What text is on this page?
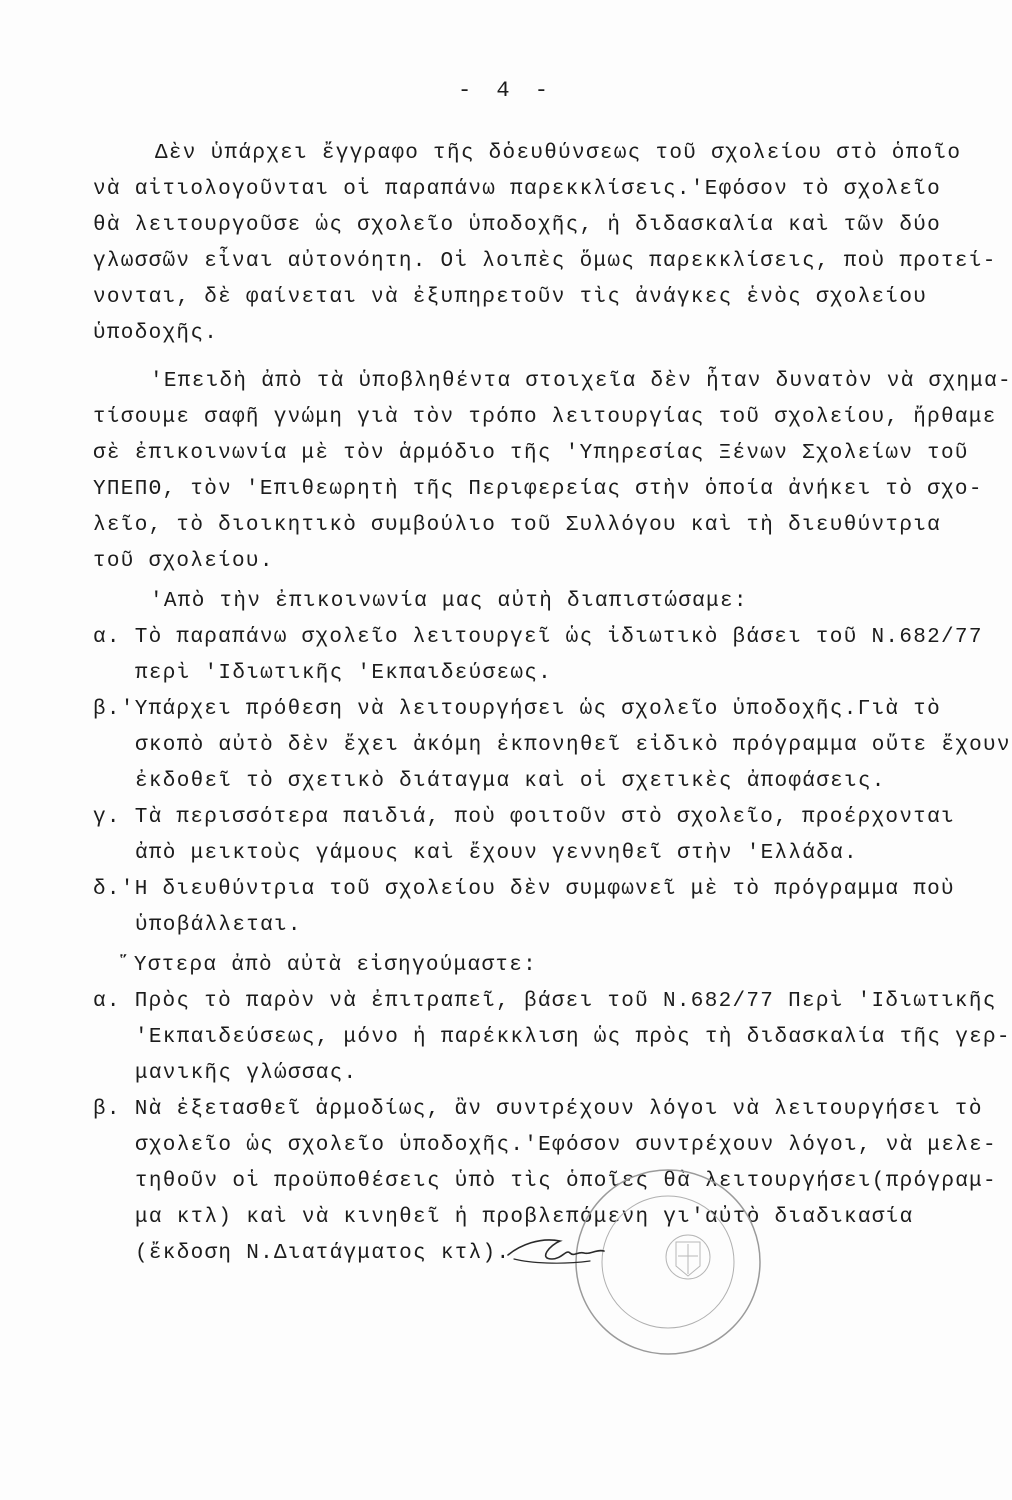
- 4 -
Δὲν ὑπάρχει ἔγγραφο τῆς δὁευθύνσεως τοῦ σχολείου στὸ ὁποῖο
νὰ αἰτιολογοῦνται οἱ παραπάνω παρεκκλίσεις.'Εφόσον τὸ σχολεῖο
θὰ λειτουργοῦσε ὡς σχολεῖο ὑποδοχῆς, ἡ διδασκαλία καὶ τῶν δύο
γλωσσῶν εἶναι αὐτονόητη. Οἱ λοιπὲς ὅμως παρεκκλίσεις, ποὺ προτεί-
νονται, δὲ φαίνεται νὰ ἐξυπηρετοῦν τὶς ἀνάγκες ἑνὸς σχολείου
ὑποδοχῆς.
'Επειδὴ ἀπὸ τὰ ὑποβληθέντα στοιχεῖα δὲν ἦταν δυνατὸν νὰ σχημα-
τίσουμε σαφῆ γνώμη γιὰ τὸν τρόπο λειτουργίας τοῦ σχολείου, ἤρθαμε
σὲ ἐπικοινωνία μὲ τὸν ἁρμόδιο τῆς 'Υπηρεσίας Ξένων Σχολείων τοῦ
ΥΠΕΠΘ, τὸν 'Επιθεωρητὴ τῆς Περιφερείας στὴν ὁποία ἀνήκει τὸ σχο-
λεῖο, τὸ διοικητικὸ συμβούλιο τοῦ Συλλόγου καὶ τὴ διευθύντρια
τοῦ σχολείου.
'Απὸ τὴν ἐπικοινωνία μας αὐτὴ διαπιστώσαμε:
α. Τὸ παραπάνω σχολεῖο λειτουργεῖ ὡς ἰδιωτικὸ βάσει τοῦ Ν.682/77
περὶ 'Ιδιωτικῆς 'Εκπαιδεύσεως.
β.'Υπάρχει πρόθεση νὰ λειτουργήσει ὡς σχολεῖο ὑποδοχῆς.Γιὰ τὸ
σκοπὸ αὐτὸ δὲν ἔχει ἀκόμη ἐκπονηθεῖ εἰδικὸ πρόγραμμα οὔτε ἔχουν
ἐκδοθεῖ τὸ σχετικὸ διάταγμα καὶ οἱ σχετικὲς ἀποφάσεις.
γ. Τὰ περισσότερα παιδιά, ποὺ φοιτοῦν στὸ σχολεῖο, προέρχονται
ἀπὸ μεικτοὺς γάμους καὶ ἔχουν γεννηθεῖ στὴν 'Ελλάδα.
δ.'Η διευθύντρια τοῦ σχολείου δὲν συμφωνεῖ μὲ τὸ πρόγραμμα ποὺ
ὑποβάλλεται.
῞Υστερα ἀπὸ αὐτὰ εἰσηγούμαστε:
α. Πρὸς τὸ παρὸν νὰ ἐπιτραπεῖ, βάσει τοῦ Ν.682/77 Περὶ 'Ιδιωτικῆς
'Εκπαιδεύσεως, μόνο ἡ παρέκκλιση ὡς πρὸς τὴ διδασκαλία τῆς γερ-
μανικῆς γλώσσας.
β. Νὰ ἐξετασθεῖ ἁρμοδίως, ἂν συντρέχουν λόγοι νὰ λειτουργήσει τὸ
σχολεῖο ὡς σχολεῖο ὑποδοχῆς.'Εφόσον συντρέχουν λόγοι, νὰ μελε-
τηθοῦν οἱ προϋποθέσεις ὑπὸ τὶς ὁποῖες θὰ λειτουργήσει(πρόγραμ-
μα κτλ) καὶ νὰ κινηθεῖ ἡ προβλεπόμενη γι'αὐτὸ διαδικασία
(ἔκδοση Ν.Διατάγματος κτλ).
